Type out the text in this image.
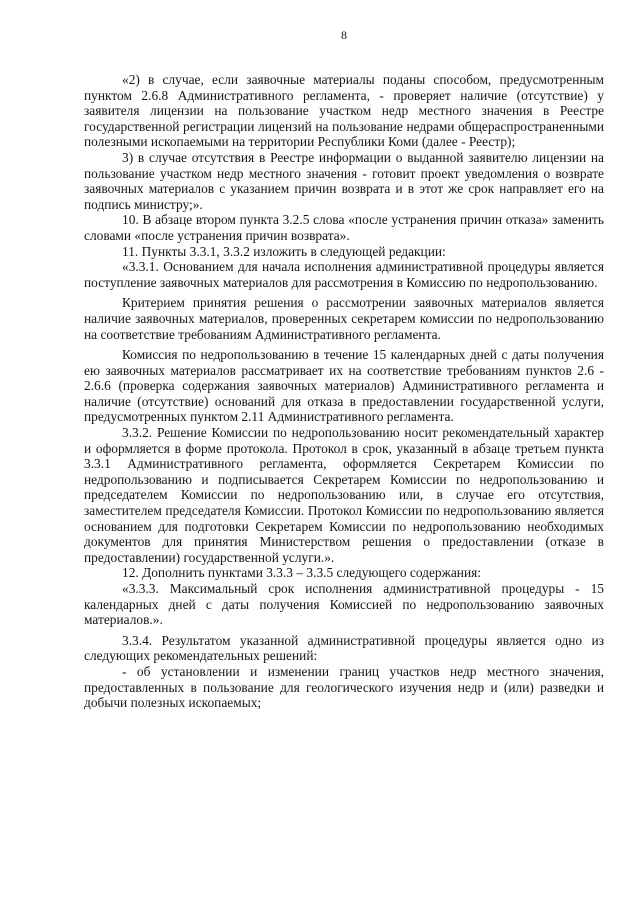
8

«2) в случае, если заявочные материалы поданы способом, предусмотренным пунктом 2.6.8 Административного регламента, - проверяет наличие (отсутствие) у заявителя лицензии на пользование участком недр местного значения в Реестре государственной регистрации лицензий на пользование недрами общераспространенными полезными ископаемыми на территории Республики Коми (далее - Реестр);

3) в случае отсутствия в Реестре информации о выданной заявителю лицензии на пользование участком недр местного значения - готовит проект уведомления о возврате заявочных материалов с указанием причин возврата и в этот же срок направляет его на подпись министру;».

10. В абзаце втором пункта 3.2.5 слова «после устранения причин отказа» заменить словами «после устранения причин возврата».

11. Пункты 3.3.1, 3.3.2 изложить в следующей редакции:

«3.3.1. Основанием для начала исполнения административной процедуры является поступление заявочных материалов для рассмотрения в Комиссию по недропользованию.

Критерием принятия решения о рассмотрении заявочных материалов является наличие заявочных материалов, проверенных секретарем комиссии по недропользованию на соответствие требованиям Административного регламента.

Комиссия по недропользованию в течение 15 календарных дней с даты получения ею заявочных материалов рассматривает их на соответствие требованиям пунктов 2.6 - 2.6.6 (проверка содержания заявочных материалов) Административного регламента и наличие (отсутствие) оснований для отказа в предоставлении государственной услуги, предусмотренных пунктом 2.11 Административного регламента.

3.3.2. Решение Комиссии по недропользованию носит рекомендательный характер и оформляется в форме протокола. Протокол в срок, указанный в абзаце третьем пункта 3.3.1 Административного регламента, оформляется Секретарем Комиссии по недропользованию и подписывается Секретарем Комиссии по недропользованию и председателем Комиссии по недропользованию или, в случае его отсутствия, заместителем председателя Комиссии. Протокол Комиссии по недропользованию является основанием для подготовки Секретарем Комиссии по недропользованию необходимых документов для принятия Министерством решения о предоставлении (отказе в предоставлении) государственной услуги.».

12. Дополнить пунктами 3.3.3 – 3.3.5 следующего содержания:

«3.3.3. Максимальный срок исполнения административной процедуры - 15 календарных дней с даты получения Комиссией по недропользованию заявочных материалов.».

3.3.4. Результатом указанной административной процедуры является одно из следующих рекомендательных решений:

- об установлении и изменении границ участков недр местного значения, предоставленных в пользование для геологического изучения недр и (или) разведки и добычи полезных ископаемых;
